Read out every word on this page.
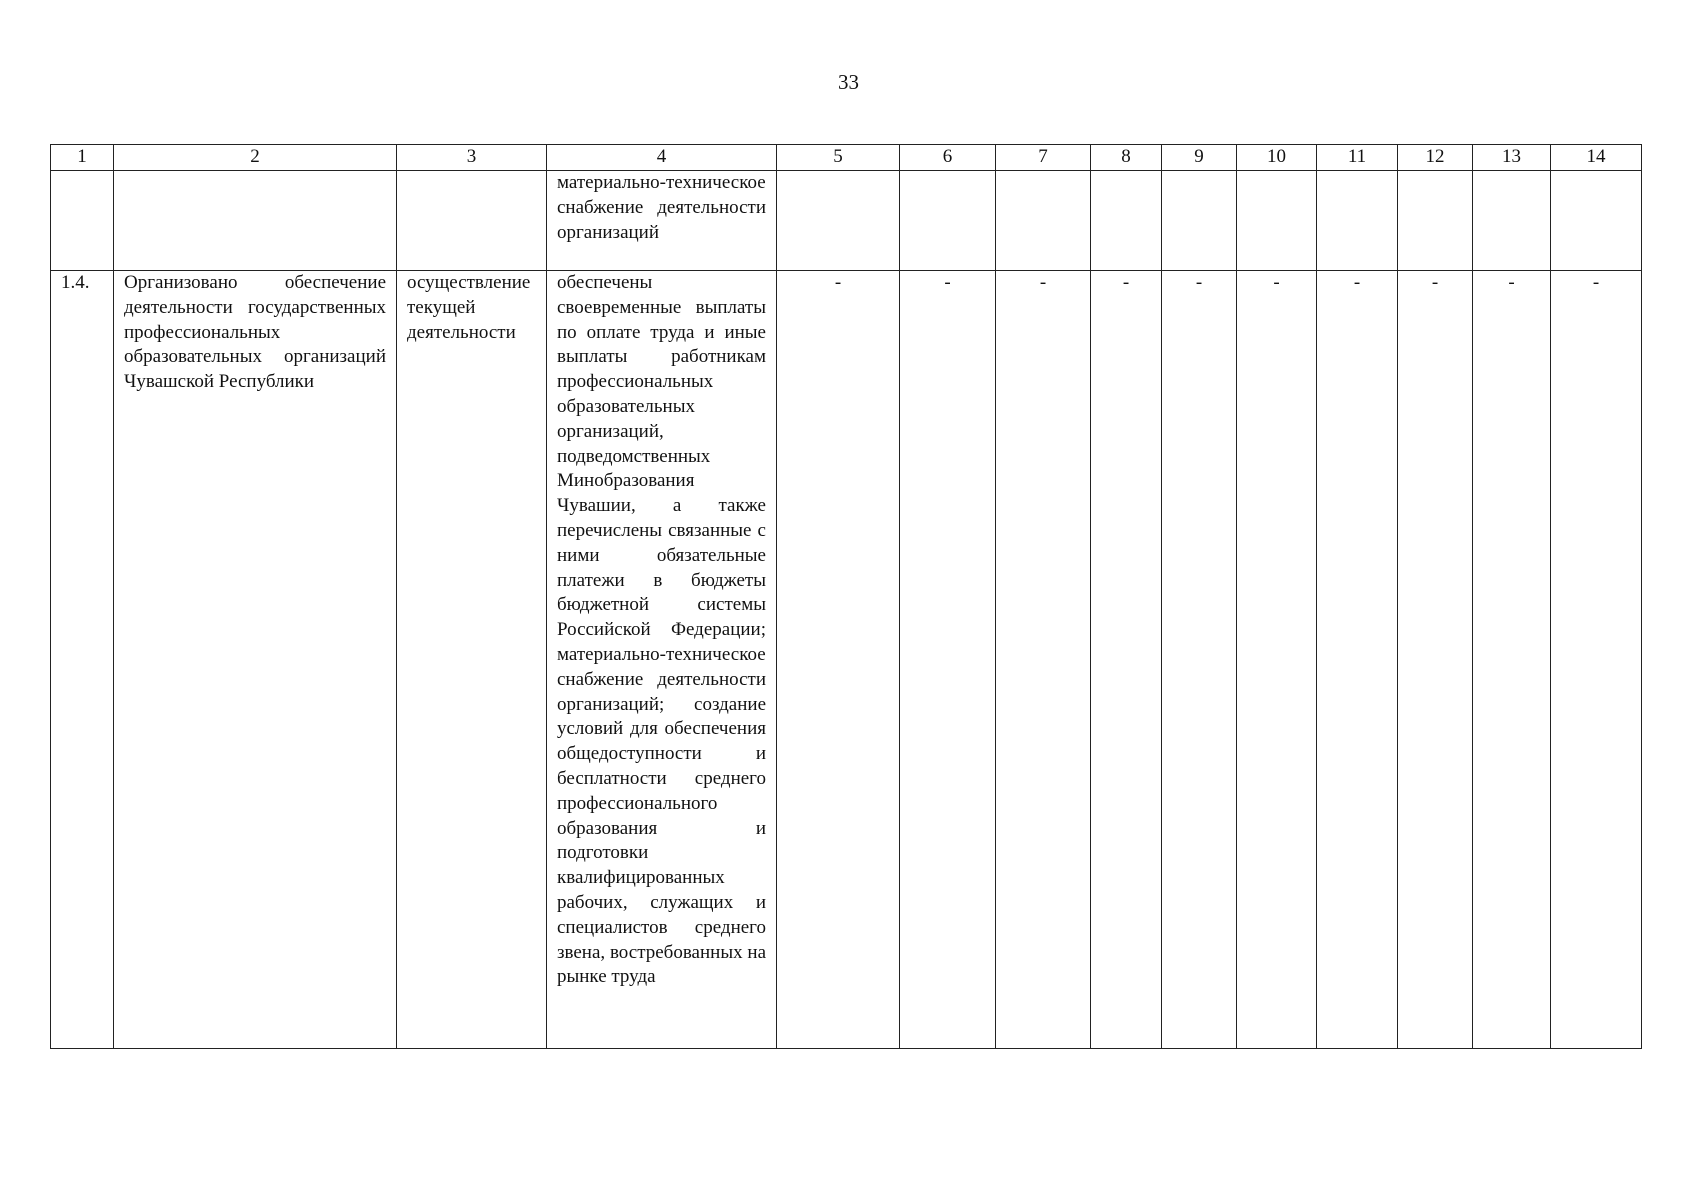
33
1	2	3	4	5	6	7	8	9	10	11	12	13	14
			материально-техническое снабжение деятельности организаций										
1.4.	Организовано обеспечение деятельности государственных профессиональных образовательных организаций Чувашской Республики	осуществление текущей деятельности	обеспечены своевременные выплаты по оплате труда и иные выплаты работникам профессиональных образовательных организаций, подведомственных Минобразования Чувашии, а также перечислены связанные с ними обязательные платежи в бюджеты бюджетной системы Российской Федерации; материально-техническое снабжение деятельности организаций; создание условий для обеспечения общедоступности и бесплатности среднего профессионального образования и подготовки квалифицированных рабочих, служащих и специалистов среднего звена, востребованных на рынке труда	-	-	-	-	-	-	-	-	-	-
